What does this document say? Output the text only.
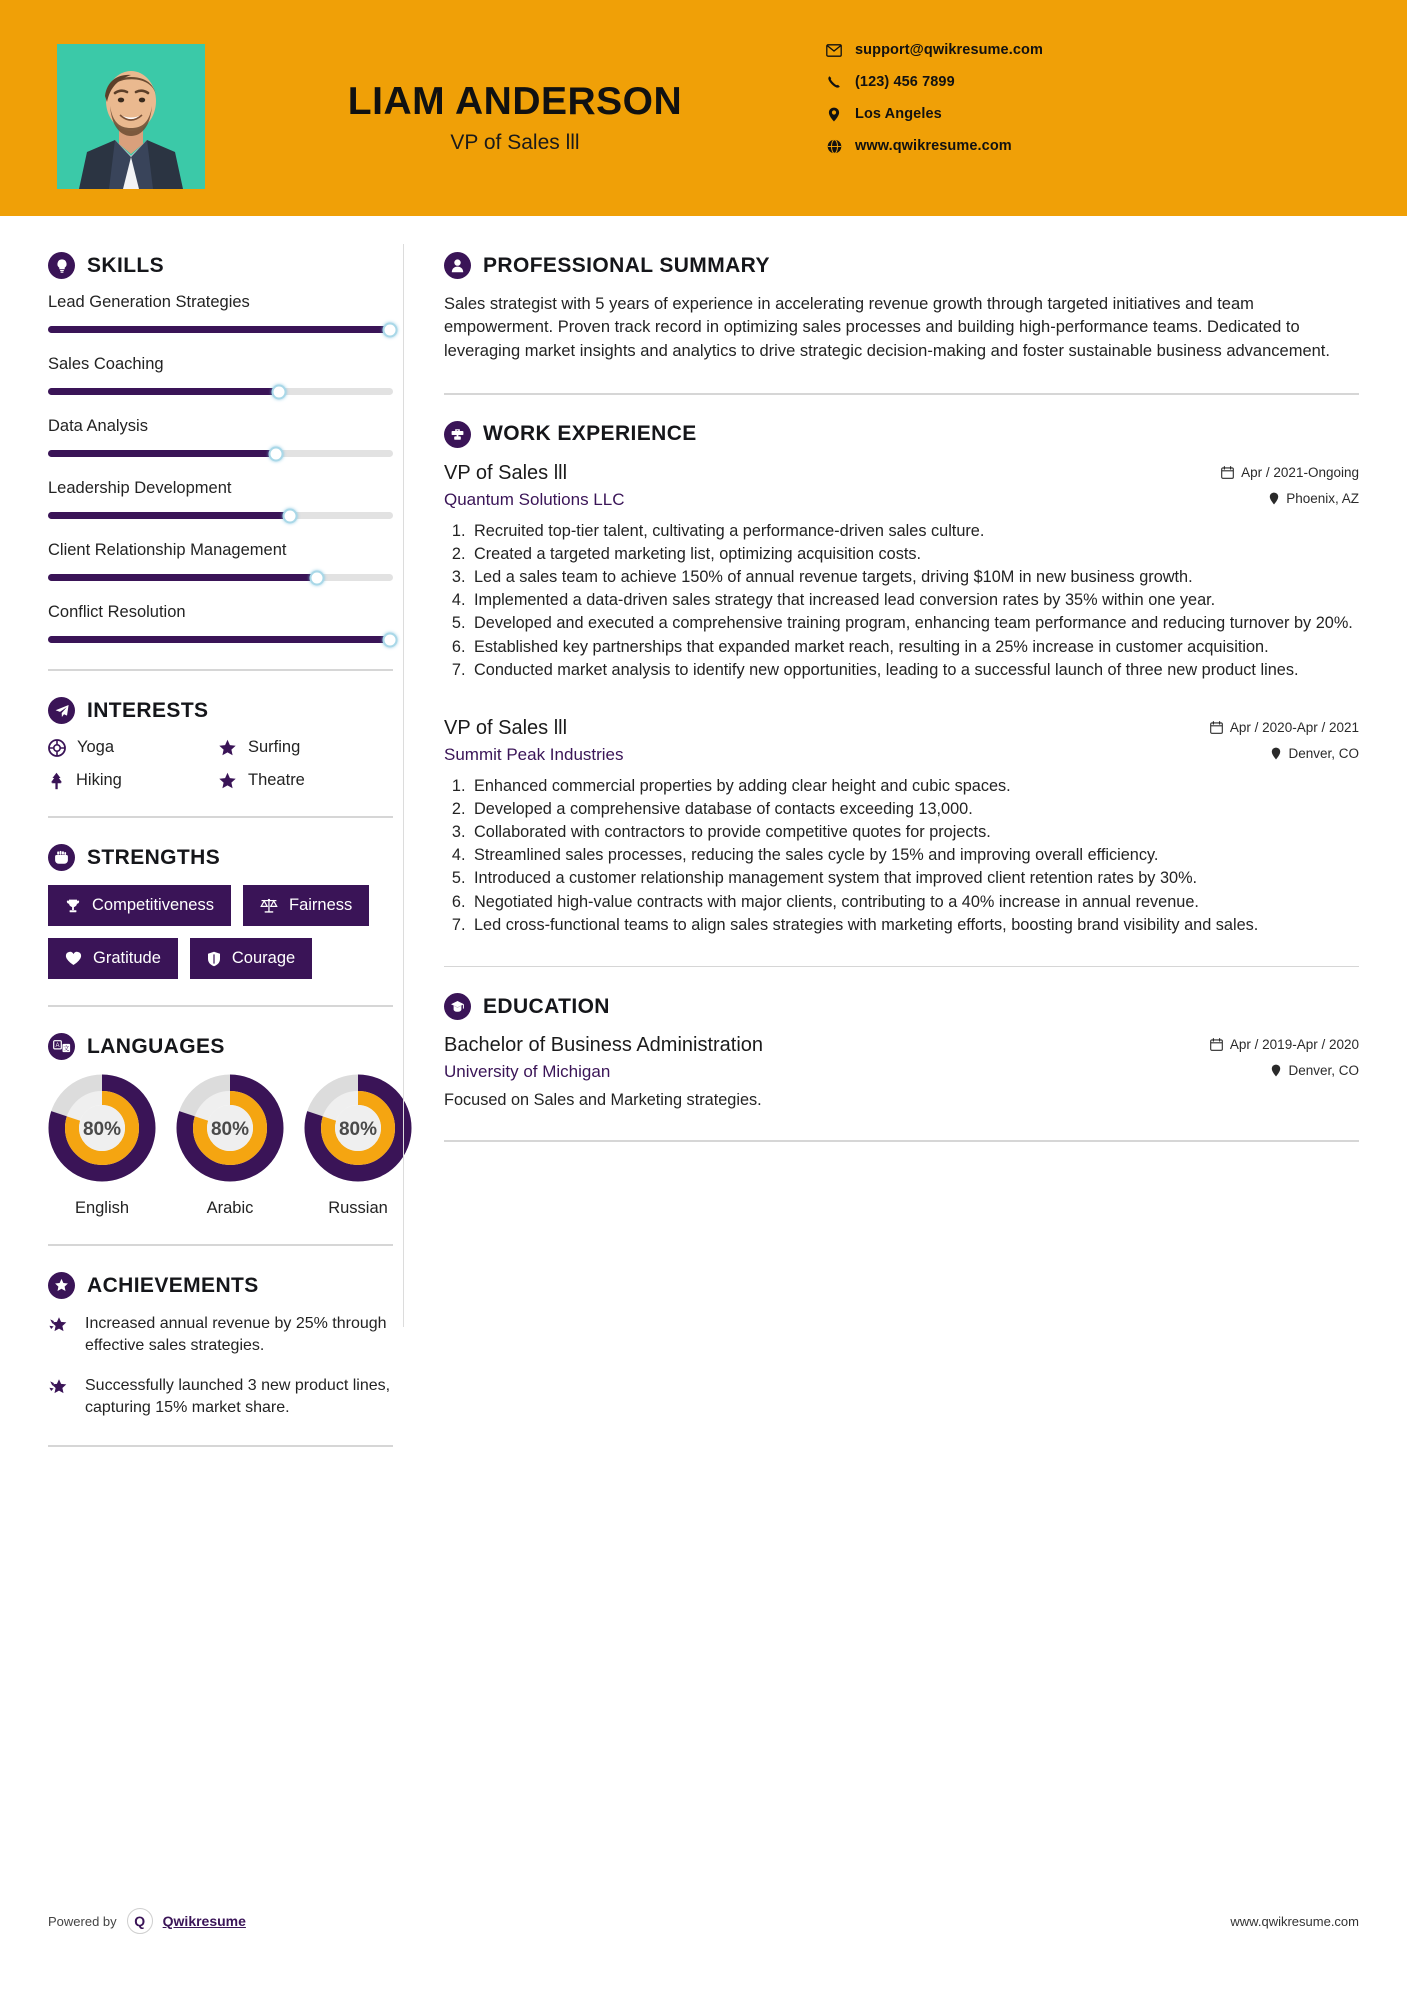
LIAM ANDERSON
VP of Sales lll
support@qwikresume.com
(123) 456 7899
Los Angeles
www.qwikresume.com
SKILLS
Lead Generation Strategies
Sales Coaching
Data Analysis
Leadership Development
Client Relationship Management
Conflict Resolution
INTERESTS
Yoga	Surfing
Hiking	Theatre
STRENGTHS
Competitiveness	Fairness
Gratitude	Courage
A
文 LANGUAGES
80%
English
80%
Arabic
80%
Russian
ACHIEVEMENTS
Increased annual revenue by 25% through effective sales strategies.
Successfully launched 3 new product lines, capturing 15% market share.
PROFESSIONAL SUMMARY
Sales strategist with 5 years of experience in accelerating revenue growth through targeted initiatives and team empowerment. Proven track record in optimizing sales processes and building high-performance teams. Dedicated to leveraging market insights and analytics to drive strategic decision-making and foster sustainable business advancement.
WORK EXPERIENCE
VP of Sales lll	Apr / 2021-Ongoing
Quantum Solutions LLC	Phoenix, AZ
1. Recruited top-tier talent, cultivating a performance-driven sales culture.
2. Created a targeted marketing list, optimizing acquisition costs.
3. Led a sales team to achieve 150% of annual revenue targets, driving $10M in new business growth.
4. Implemented a data-driven sales strategy that increased lead conversion rates by 35% within one year.
5. Developed and executed a comprehensive training program, enhancing team performance and reducing turnover by 20%.
6. Established key partnerships that expanded market reach, resulting in a 25% increase in customer acquisition.
7. Conducted market analysis to identify new opportunities, leading to a successful launch of three new product lines.
VP of Sales lll	Apr / 2020-Apr / 2021
Summit Peak Industries	Denver, CO
1. Enhanced commercial properties by adding clear height and cubic spaces.
2. Developed a comprehensive database of contacts exceeding 13,000.
3. Collaborated with contractors to provide competitive quotes for projects.
4. Streamlined sales processes, reducing the sales cycle by 15% and improving overall efficiency.
5. Introduced a customer relationship management system that improved client retention rates by 30%.
6. Negotiated high-value contracts with major clients, contributing to a 40% increase in annual revenue.
7. Led cross-functional teams to align sales strategies with marketing efforts, boosting brand visibility and sales.
EDUCATION
Bachelor of Business Administration	Apr / 2019-Apr / 2020
University of Michigan	Denver, CO
Focused on Sales and Marketing strategies.
Powered by	Q	Qwikresume	www.qwikresume.com
